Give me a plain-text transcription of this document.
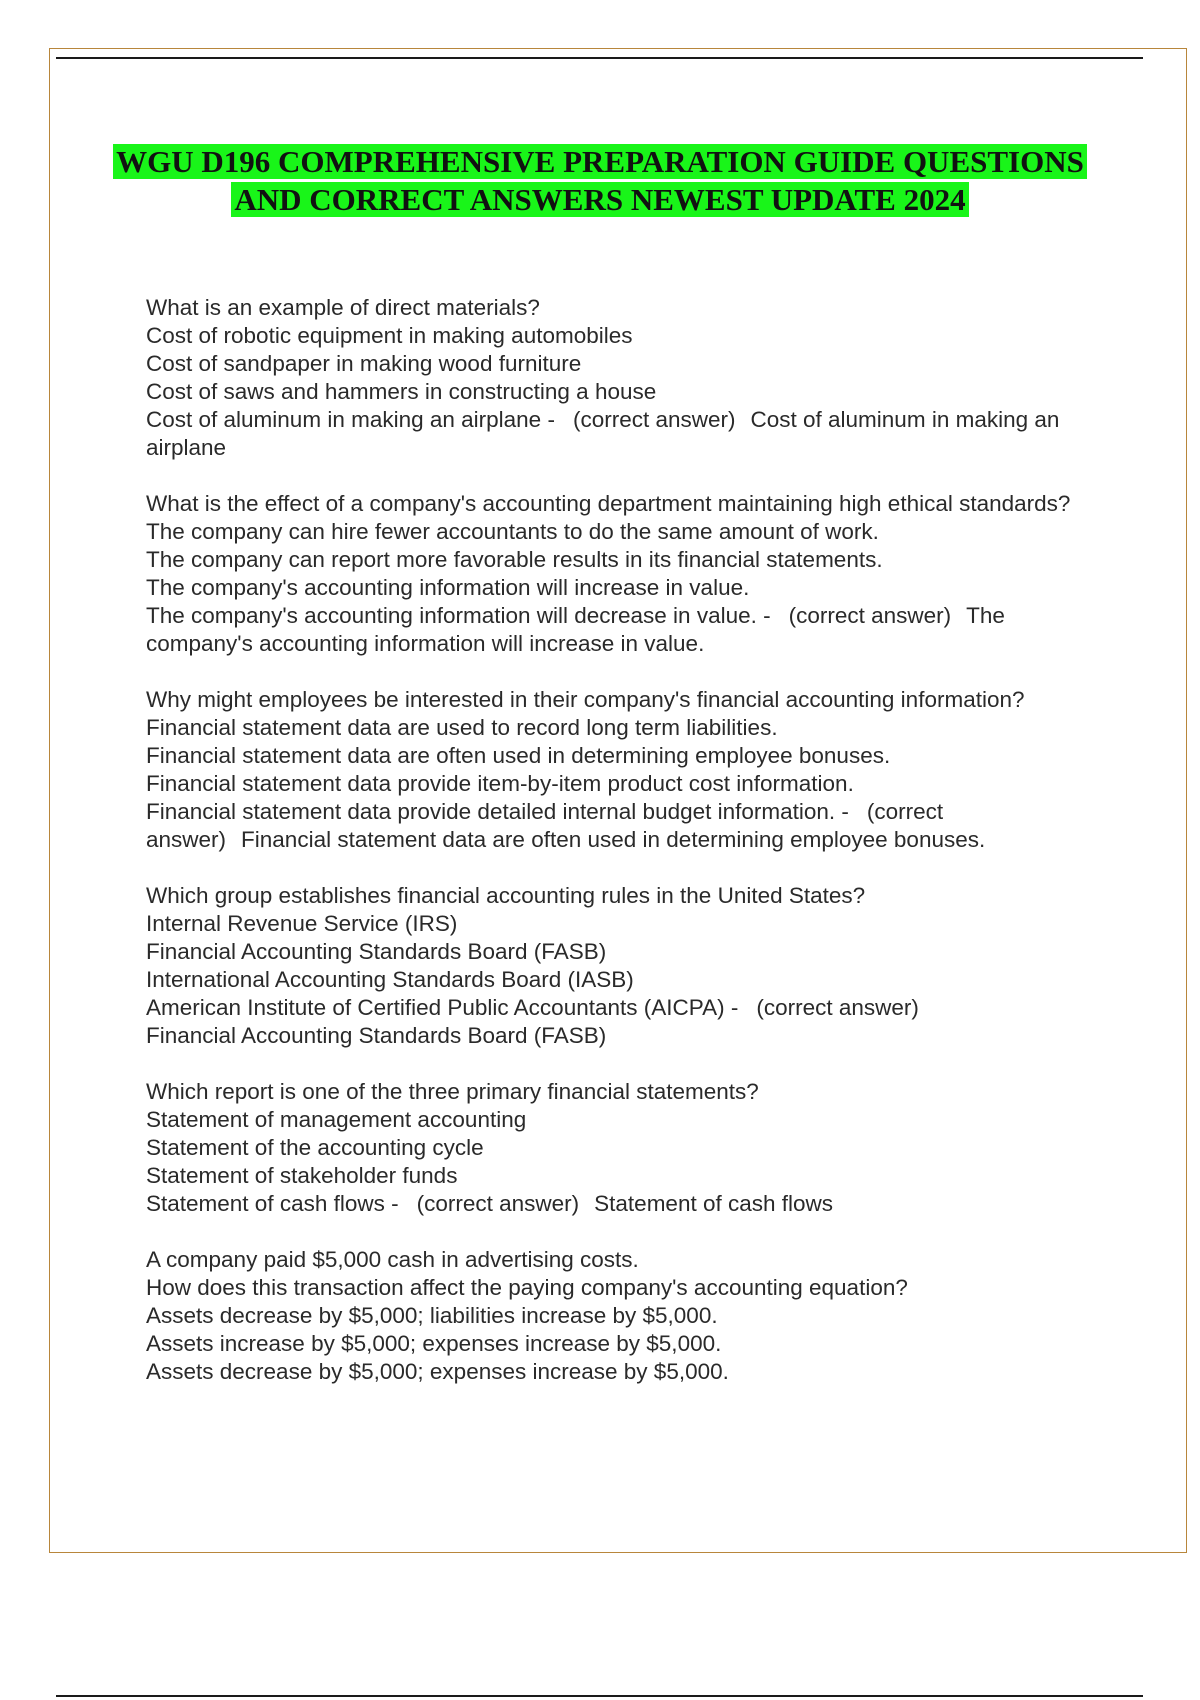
WGU D196 COMPREHENSIVE PREPARATION GUIDE QUESTIONS AND CORRECT ANSWERS NEWEST UPDATE 2024
What is an example of direct materials?
Cost of robotic equipment in making automobiles
Cost of sandpaper in making wood furniture
Cost of saws and hammers in constructing a house
Cost of aluminum in making an airplane - (correct answer) Cost of aluminum in making an airplane
What is the effect of a company's accounting department maintaining high ethical standards?
The company can hire fewer accountants to do the same amount of work.
The company can report more favorable results in its financial statements.
The company's accounting information will increase in value.
The company's accounting information will decrease in value. - (correct answer) The company's accounting information will increase in value.
Why might employees be interested in their company's financial accounting information?
Financial statement data are used to record long term liabilities.
Financial statement data are often used in determining employee bonuses.
Financial statement data provide item-by-item product cost information.
Financial statement data provide detailed internal budget information. - (correct answer) Financial statement data are often used in determining employee bonuses.
Which group establishes financial accounting rules in the United States?
Internal Revenue Service (IRS)
Financial Accounting Standards Board (FASB)
International Accounting Standards Board (IASB)
American Institute of Certified Public Accountants (AICPA) - (correct answer)
Financial Accounting Standards Board (FASB)
Which report is one of the three primary financial statements?
Statement of management accounting
Statement of the accounting cycle
Statement of stakeholder funds
Statement of cash flows - (correct answer) Statement of cash flows
A company paid $5,000 cash in advertising costs.
How does this transaction affect the paying company's accounting equation?
Assets decrease by $5,000; liabilities increase by $5,000.
Assets increase by $5,000; expenses increase by $5,000.
Assets decrease by $5,000; expenses increase by $5,000.
